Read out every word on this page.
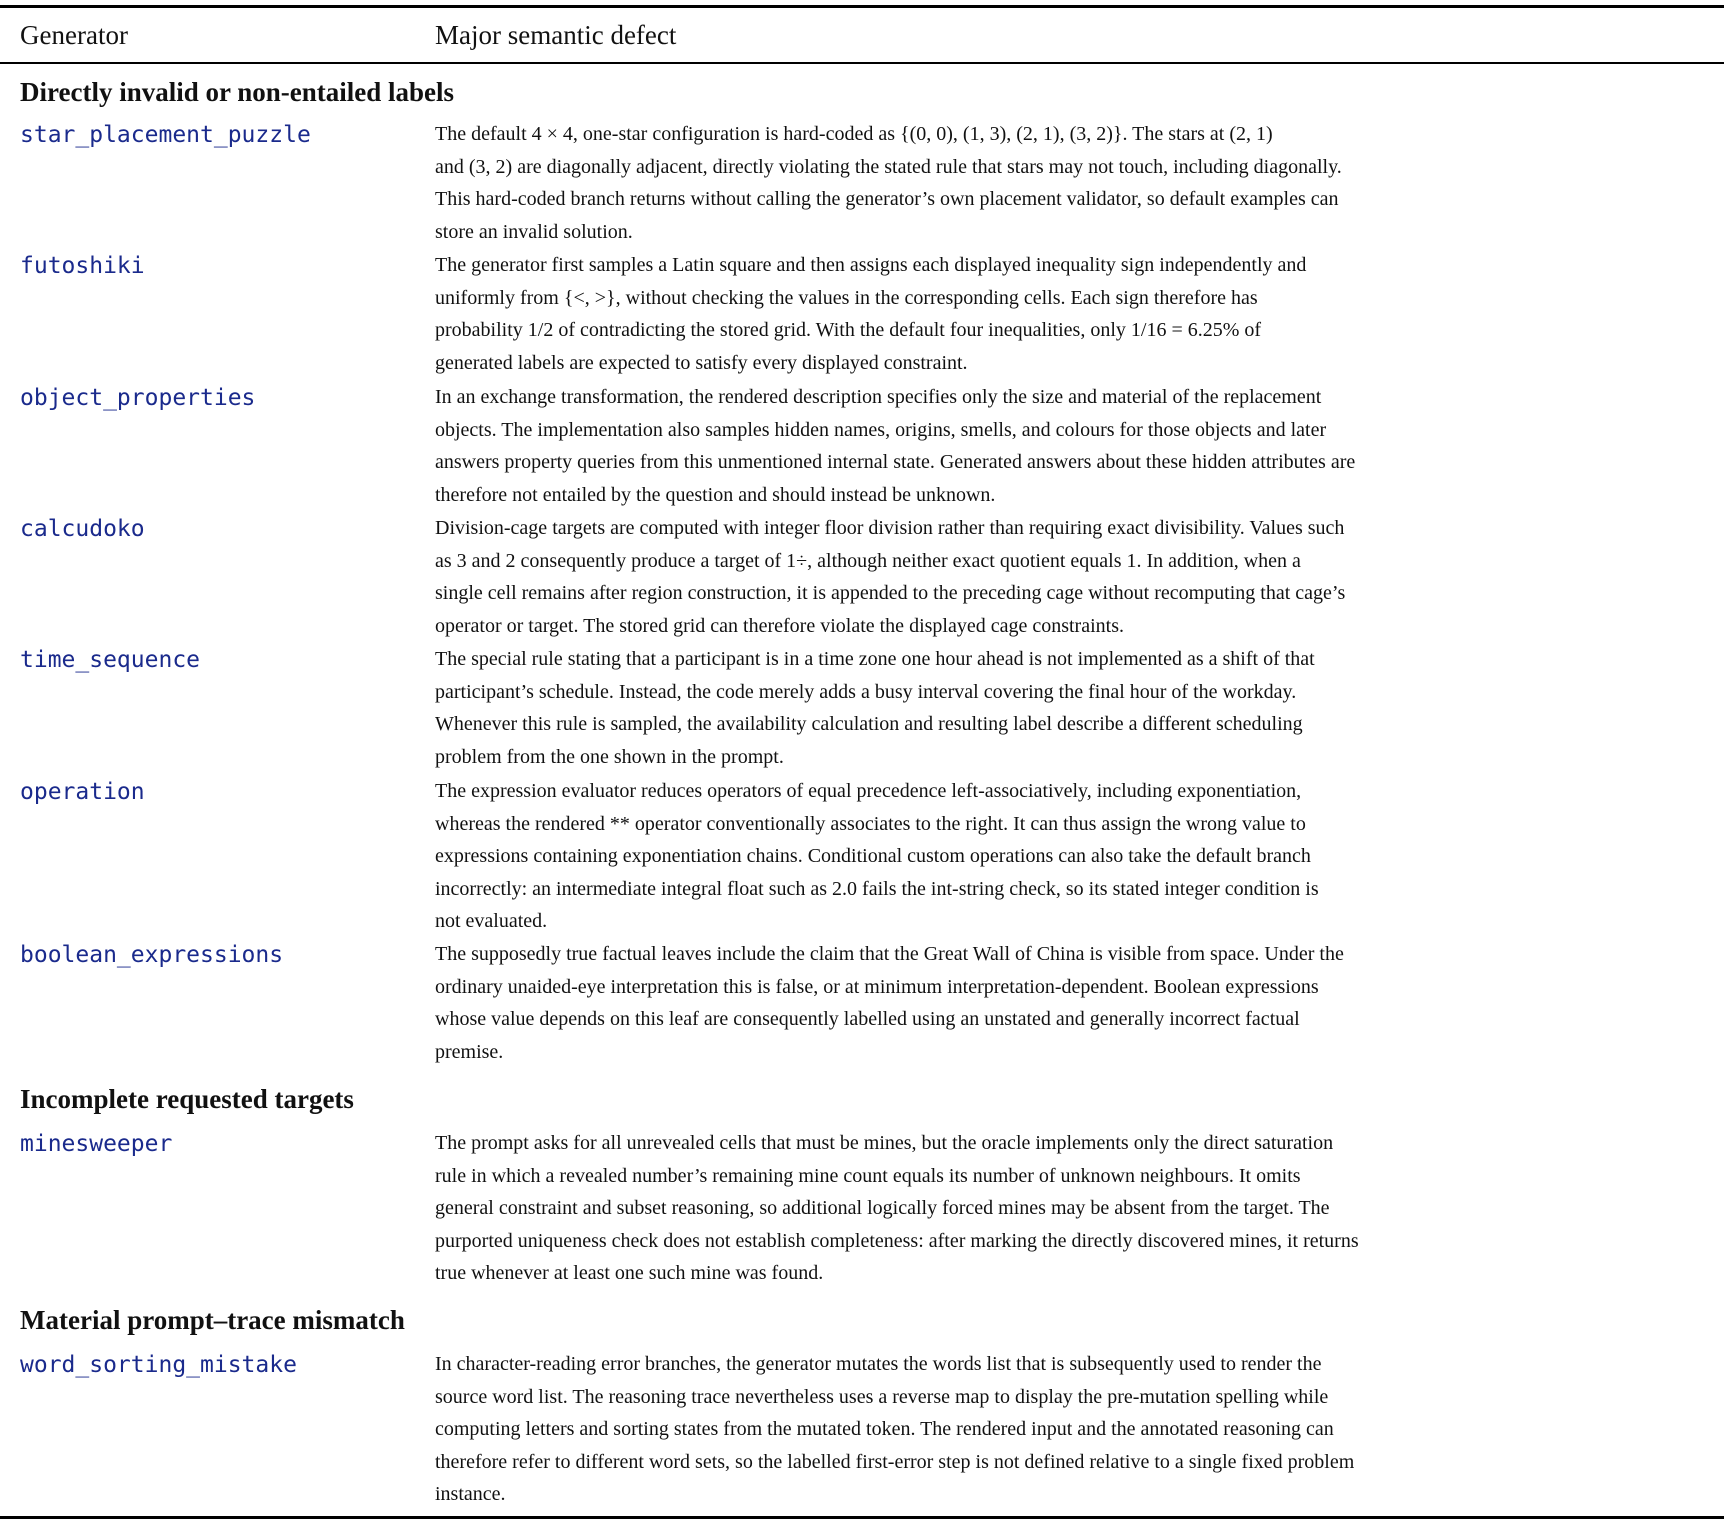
Generator	Major semantic defect
Directly invalid or non-entailed labels
star_placement_puzzle	The default 4 × 4, one-star configuration is hard-coded as {(0, 0), (1, 3), (2, 1), (3, 2)}. The stars at (2, 1)
and (3, 2) are diagonally adjacent, directly violating the stated rule that stars may not touch, including diagonally.
This hard-coded branch returns without calling the generator’s own placement validator, so default examples can
store an invalid solution.
futoshiki	The generator first samples a Latin square and then assigns each displayed inequality sign independently and
uniformly from {<, >}, without checking the values in the corresponding cells. Each sign therefore has
probability 1/2 of contradicting the stored grid. With the default four inequalities, only 1/16 = 6.25% of
generated labels are expected to satisfy every displayed constraint.
object_properties	In an exchange transformation, the rendered description specifies only the size and material of the replacement
objects. The implementation also samples hidden names, origins, smells, and colours for those objects and later
answers property queries from this unmentioned internal state. Generated answers about these hidden attributes are
therefore not entailed by the question and should instead be unknown.
calcudoko	Division-cage targets are computed with integer floor division rather than requiring exact divisibility. Values such
as 3 and 2 consequently produce a target of 1÷, although neither exact quotient equals 1. In addition, when a
single cell remains after region construction, it is appended to the preceding cage without recomputing that cage’s
operator or target. The stored grid can therefore violate the displayed cage constraints.
time_sequence	The special rule stating that a participant is in a time zone one hour ahead is not implemented as a shift of that
participant’s schedule. Instead, the code merely adds a busy interval covering the final hour of the workday.
Whenever this rule is sampled, the availability calculation and resulting label describe a different scheduling
problem from the one shown in the prompt.
operation	The expression evaluator reduces operators of equal precedence left-associatively, including exponentiation,
whereas the rendered ** operator conventionally associates to the right. It can thus assign the wrong value to
expressions containing exponentiation chains. Conditional custom operations can also take the default branch
incorrectly: an intermediate integral float such as 2.0 fails the int-string check, so its stated integer condition is
not evaluated.
boolean_expressions	The supposedly true factual leaves include the claim that the Great Wall of China is visible from space. Under the
ordinary unaided-eye interpretation this is false, or at minimum interpretation-dependent. Boolean expressions
whose value depends on this leaf are consequently labelled using an unstated and generally incorrect factual
premise.
Incomplete requested targets
minesweeper	The prompt asks for all unrevealed cells that must be mines, but the oracle implements only the direct saturation
rule in which a revealed number’s remaining mine count equals its number of unknown neighbours. It omits
general constraint and subset reasoning, so additional logically forced mines may be absent from the target. The
purported uniqueness check does not establish completeness: after marking the directly discovered mines, it returns
true whenever at least one such mine was found.
Material prompt–trace mismatch
word_sorting_mistake	In character-reading error branches, the generator mutates the words list that is subsequently used to render the
source word list. The reasoning trace nevertheless uses a reverse map to display the pre-mutation spelling while
computing letters and sorting states from the mutated token. The rendered input and the annotated reasoning can
therefore refer to different word sets, so the labelled first-error step is not defined relative to a single fixed problem
instance.
